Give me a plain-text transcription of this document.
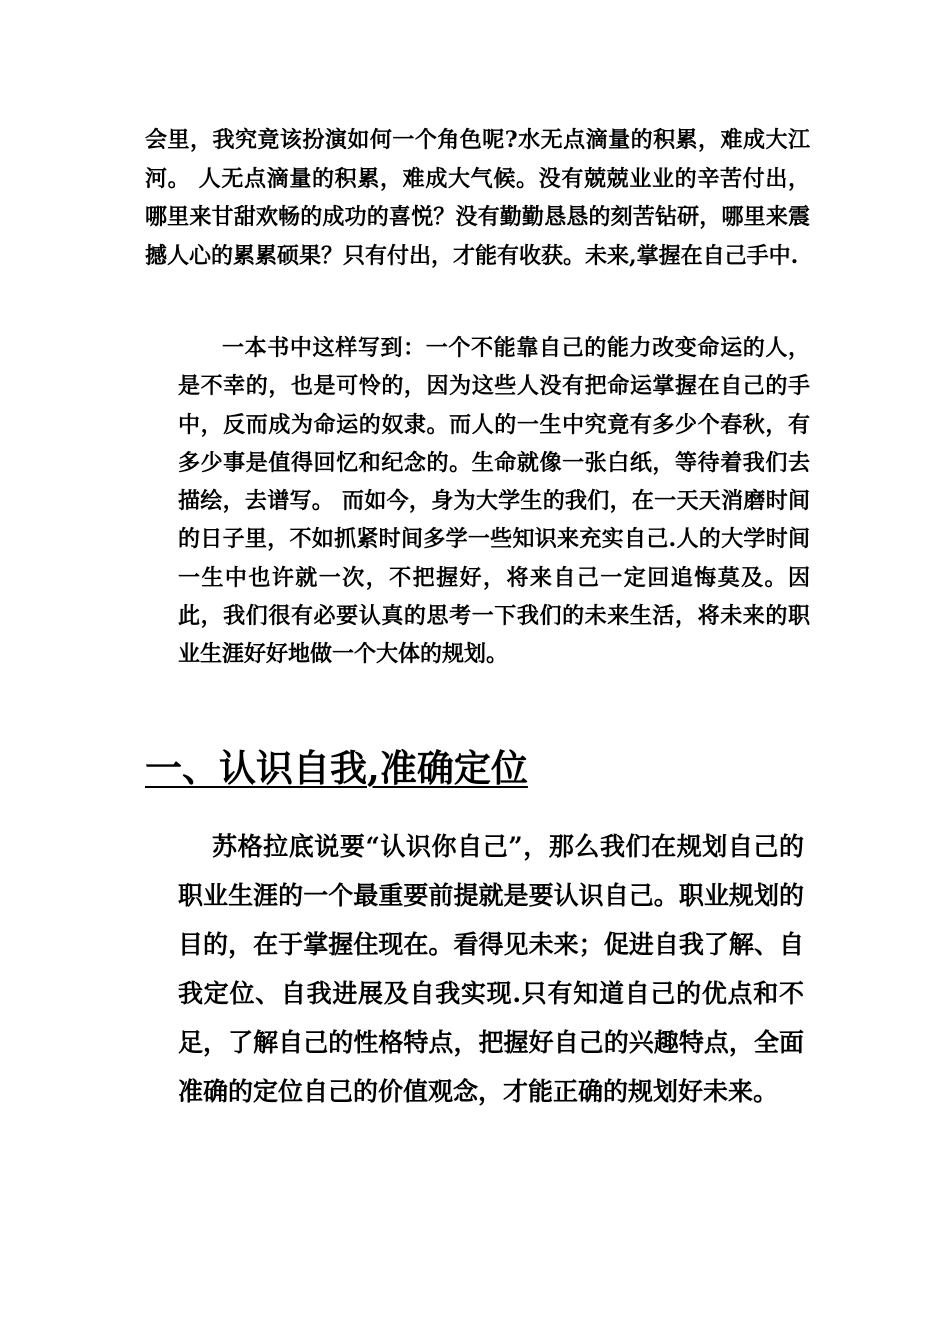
会里，我究竟该扮演如何一个角色呢?水无点滴量的积累，难成大江河。 人无点滴量的积累，难成大气候。没有兢兢业业的辛苦付出，哪里来甘甜欢畅的成功的喜悦？没有勤勤恳恳的刻苦钻研，哪里来震撼人心的累累硕果？只有付出，才能有收获。未来,掌握在自己手中.

一本书中这样写到：一个不能靠自己的能力改变命运的人，是不幸的，也是可怜的，因为这些人没有把命运掌握在自己的手中，反而成为命运的奴隶。而人的一生中究竟有多少个春秋，有多少事是值得回忆和纪念的。生命就像一张白纸，等待着我们去描绘，去谱写。 而如今，身为大学生的我们，在一天天消磨时间的日子里，不如抓紧时间多学一些知识来充实自己.人的大学时间一生中也许就一次，不把握好，将来自己一定回追悔莫及。因此，我们很有必要认真的思考一下我们的未来生活，将未来的职业生涯好好地做一个大体的规划。

一、认识自我,准确定位

苏格拉底说要“认识你自己”，那么我们在规划自己的职业生涯的一个最重要前提就是要认识自己。职业规划的目的，在于掌握住现在。看得见未来；促进自我了解、自我定位、自我进展及自我实现.只有知道自己的优点和不足，了解自己的性格特点，把握好自己的兴趣特点，全面准确的定位自己的价值观念，才能正确的规划好未来。
